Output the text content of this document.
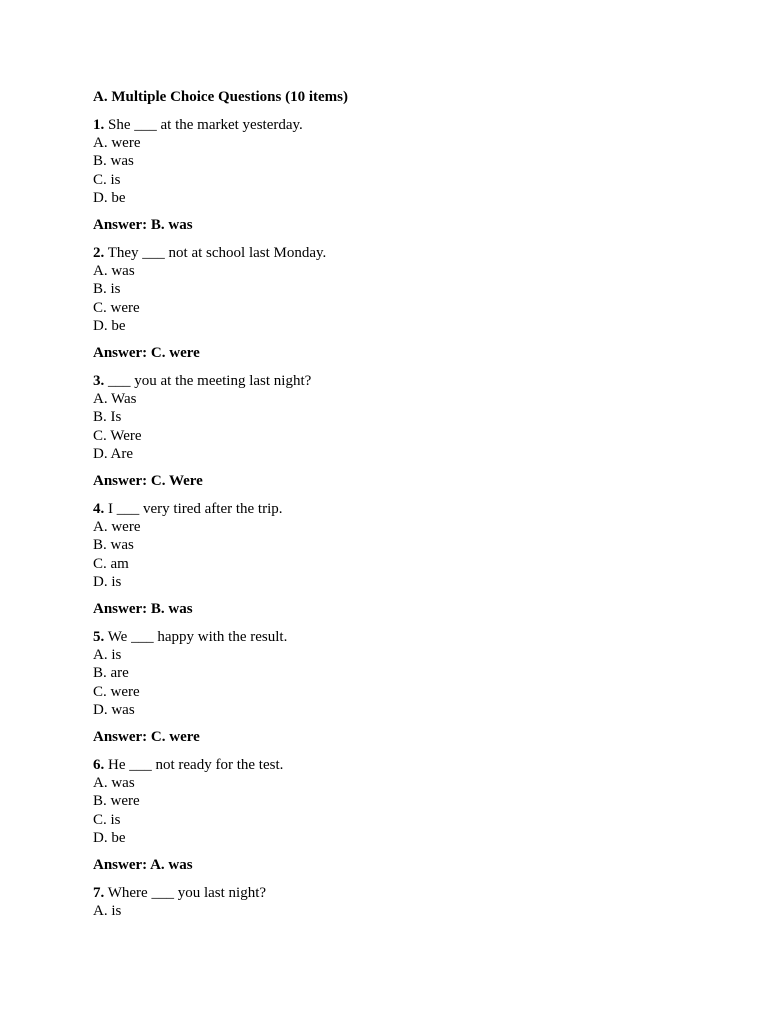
A. Multiple Choice Questions (10 items)
1. She ___ at the market yesterday.
A. were
B. was
C. is
D. be
Answer: B. was
2. They ___ not at school last Monday.
A. was
B. is
C. were
D. be
Answer: C. were
3. ___ you at the meeting last night?
A. Was
B. Is
C. Were
D. Are
Answer: C. Were
4. I ___ very tired after the trip.
A. were
B. was
C. am
D. is
Answer: B. was
5. We ___ happy with the result.
A. is
B. are
C. were
D. was
Answer: C. were
6. He ___ not ready for the test.
A. was
B. were
C. is
D. be
Answer: A. was
7. Where ___ you last night?
A. is
